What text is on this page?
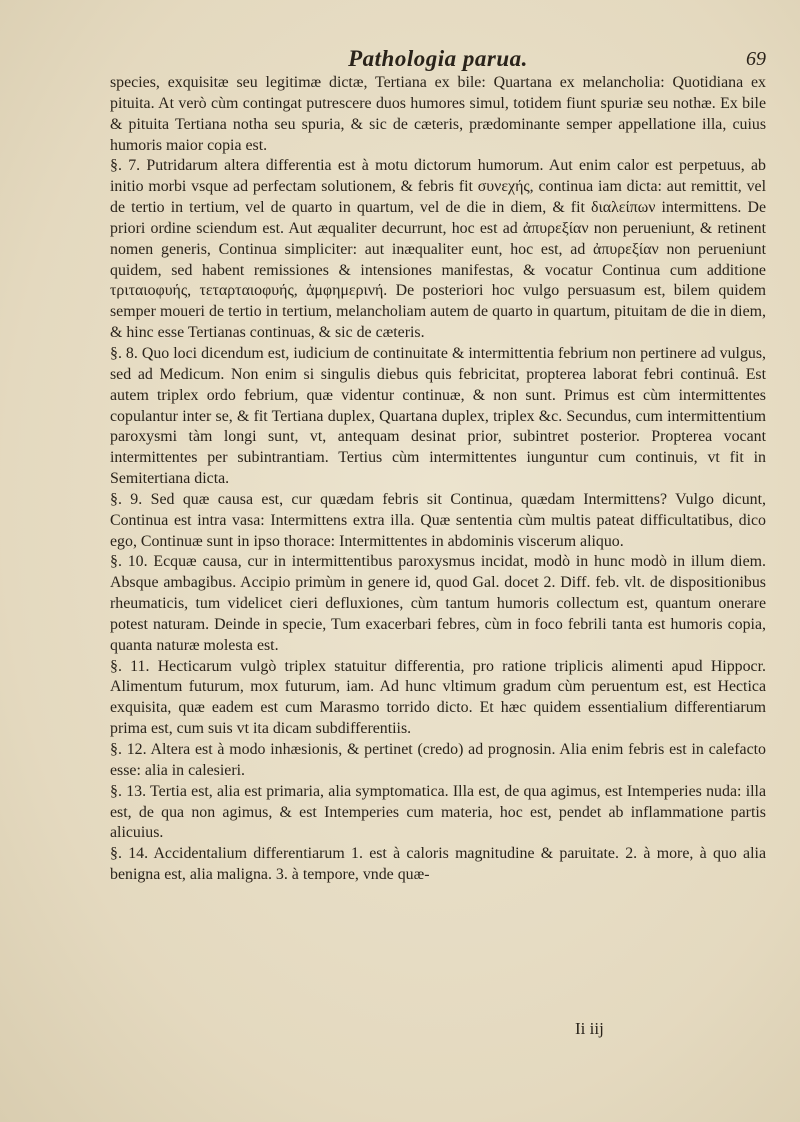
Pathologia parua.	69

species, exquisitæ seu legitimæ dictæ, Tertiana ex bile: Quartana ex melancholia: Quotidiana ex pituita. At verò cùm contingat putrescere duos humores simul, totidem fiunt spuriæ seu nothæ. Ex bile & pituita Tertiana notha seu spuria, & sic de cæteris, prædominante semper appellatione illa, cuius humoris maior copia est.

§. 7. Putridarum altera differentia est à motu dictorum humorum. Aut enim calor est perpetuus, ab initio morbi vsque ad perfectam solutionem, & febris fit συνεχής, continua iam dicta: aut remittit, vel de tertio in tertium, vel de quarto in quartum, vel de die in diem, & fit διαλείπων intermittens. De priori ordine sciendum est. Aut æqualiter decurrunt, hoc est ad ἀπυρεξίαν non perueniunt, & retinent nomen generis, Continua simpliciter: aut inæqualiter eunt, hoc est, ad ἀπυρεξίαν non perueniunt quidem, sed habent remissiones & intensiones manifestas, & vocatur Continua cum additione τριταιοφυής, τεταρταιοφυής, ἀμφημερινή. De posteriori hoc vulgo persuasum est, bilem quidem semper moueri de tertio in tertium, melancholiam autem de quarto in quartum, pituitam de die in diem, & hinc esse Tertianas continuas, & sic de cæteris.

§. 8. Quo loci dicendum est, iudicium de continuitate & intermittentia febrium non pertinere ad vulgus, sed ad Medicum. Non enim si singulis diebus quis febricitat, propterea laborat febri continuâ. Est autem triplex ordo febrium, quæ videntur continuæ, & non sunt. Primus est cùm intermittentes copulantur inter se, & fit Tertiana duplex, Quartana duplex, triplex &c. Secundus, cum intermittentium paroxysmi tàm longi sunt, vt, antequam desinat prior, subintret posterior. Propterea vocant intermittentes per subintrantiam. Tertius cùm intermittentes iunguntur cum continuis, vt fit in Semitertiana dicta.

§. 9. Sed quæ causa est, cur quædam febris sit Continua, quædam Intermittens? Vulgo dicunt, Continua est intra vasa: Intermittens extra illa. Quæ sententia cùm multis pateat difficultatibus, dico ego, Continuæ sunt in ipso thorace: Intermittentes in abdominis viscerum aliquo.

§. 10. Ecquæ causa, cur in intermittentibus paroxysmus incidat, modò in hunc modò in illum diem. Absque ambagibus. Accipio primùm in genere id, quod Gal. docet 2. Diff. feb. vlt. de dispositionibus rheumaticis, tum videlicet cieri defluxiones, cùm tantum humoris collectum est, quantum onerare potest naturam. Deinde in specie, Tum exacerbari febres, cùm in foco febrili tanta est humoris copia, quanta naturæ molesta est.

§. 11. Hecticarum vulgò triplex statuitur differentia, pro ratione triplicis alimenti apud Hippocr. Alimentum futurum, mox futurum, iam. Ad hunc vltimum gradum cùm peruentum est, est Hectica exquisita, quæ eadem est cum Marasmo torrido dicto. Et hæc quidem essentialium differentiarum prima est, cum suis vt ita dicam subdifferentiis.

§. 12. Altera est à modo inhæsionis, & pertinet (credo) ad prognosin. Alia enim febris est in calefacto esse: alia in calesieri.

§. 13. Tertia est, alia est primaria, alia symptomatica. Illa est, de qua agimus, est Intemperies nuda: illa est, de qua non agimus, & est Intemperies cum materia, hoc est, pendet ab inflammatione partis alicuius.

§. 14. Accidentalium differentiarum 1. est à caloris magnitudine & paruitate. 2. à more, à quo alia benigna est, alia maligna. 3. à tempore, vnde quæ-

Ii iij
